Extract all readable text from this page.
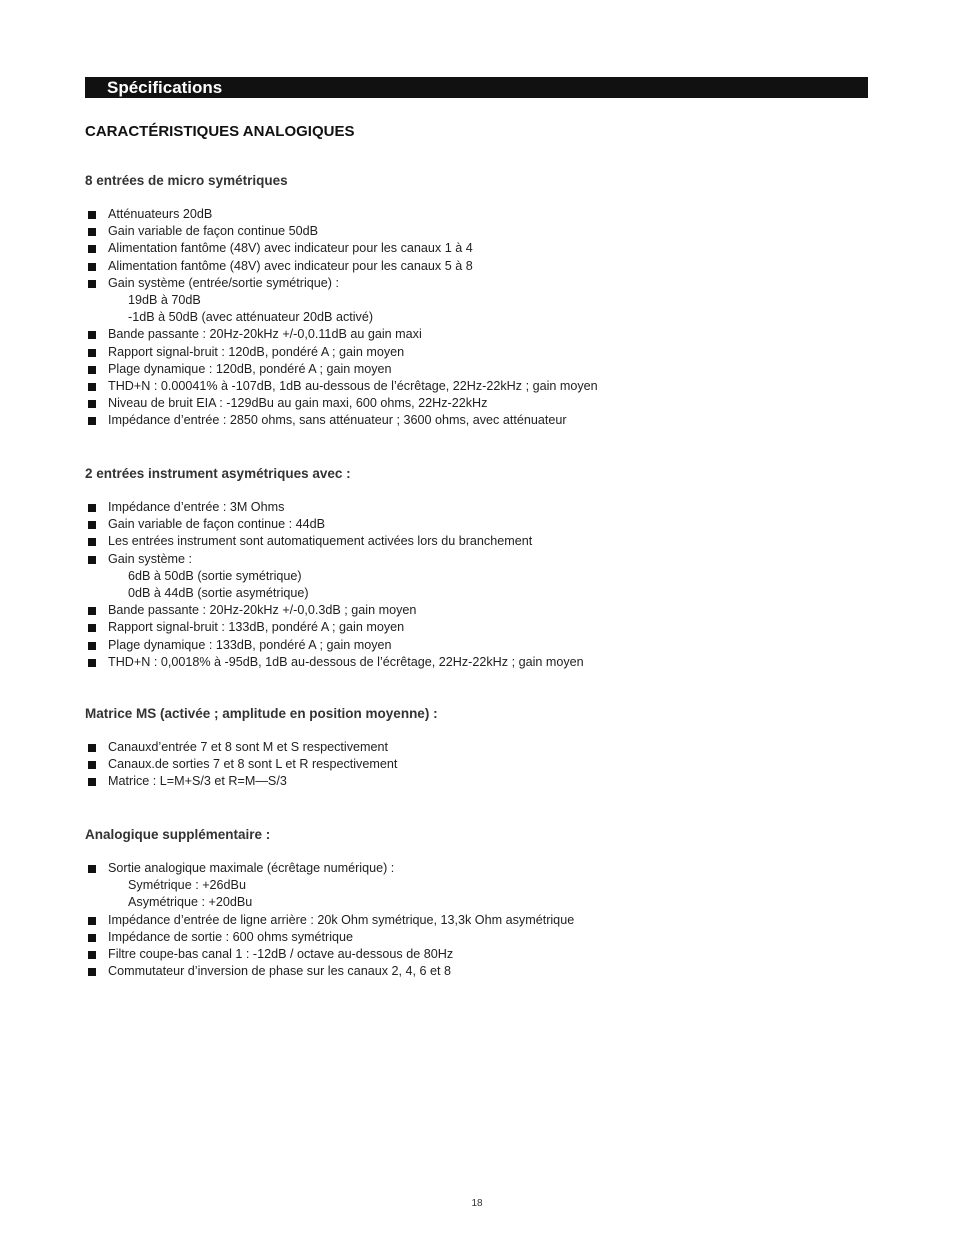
Spécifications
CARACTÉRISTIQUES ANALOGIQUES
8 entrées de micro symétriques
Atténuateurs 20dB
Gain variable de façon continue 50dB
Alimentation fantôme (48V) avec indicateur pour les canaux 1 à 4
Alimentation fantôme (48V) avec indicateur pour les canaux 5 à 8
Gain système (entrée/sortie symétrique) :
19dB à 70dB
-1dB à 50dB (avec atténuateur 20dB activé)
Bande passante : 20Hz-20kHz +/-0,0.11dB au gain maxi
Rapport signal-bruit : 120dB, pondéré A ; gain moyen
Plage dynamique : 120dB, pondéré A ; gain moyen
THD+N : 0.00041% à -107dB, 1dB au-dessous de l’écrêtage, 22Hz-22kHz ; gain moyen
Niveau de bruit EIA : -129dBu au gain maxi, 600 ohms, 22Hz-22kHz
Impédance d’entrée : 2850 ohms, sans atténuateur ; 3600 ohms, avec atténuateur
2 entrées instrument asymétriques avec :
Impédance d’entrée : 3M Ohms
Gain variable de façon continue : 44dB
Les entrées instrument sont automatiquement activées lors du branchement
Gain système :
6dB à 50dB (sortie symétrique)
0dB à 44dB (sortie asymétrique)
Bande passante : 20Hz-20kHz +/-0,0.3dB ; gain moyen
Rapport signal-bruit : 133dB, pondéré A ; gain moyen
Plage dynamique : 133dB, pondéré A ; gain moyen
THD+N : 0,0018% à -95dB, 1dB au-dessous de l’écrêtage, 22Hz-22kHz ; gain moyen
Matrice MS (activée ; amplitude en position moyenne) :
Canauxd’entrée 7 et 8 sont M et S respectivement
Canaux.de sorties 7 et 8 sont L et R respectivement
Matrice : L=M+S/3 et R=M—S/3
Analogique supplémentaire :
Sortie analogique maximale (écrêtage numérique) :
Symétrique : +26dBu
Asymétrique : +20dBu
Impédance d’entrée de ligne arrière : 20k Ohm symétrique, 13,3k Ohm asymétrique
Impédance de sortie : 600 ohms symétrique
Filtre coupe-bas canal 1 : -12dB / octave au-dessous de 80Hz
Commutateur d’inversion de phase sur les canaux 2, 4, 6 et 8
18
